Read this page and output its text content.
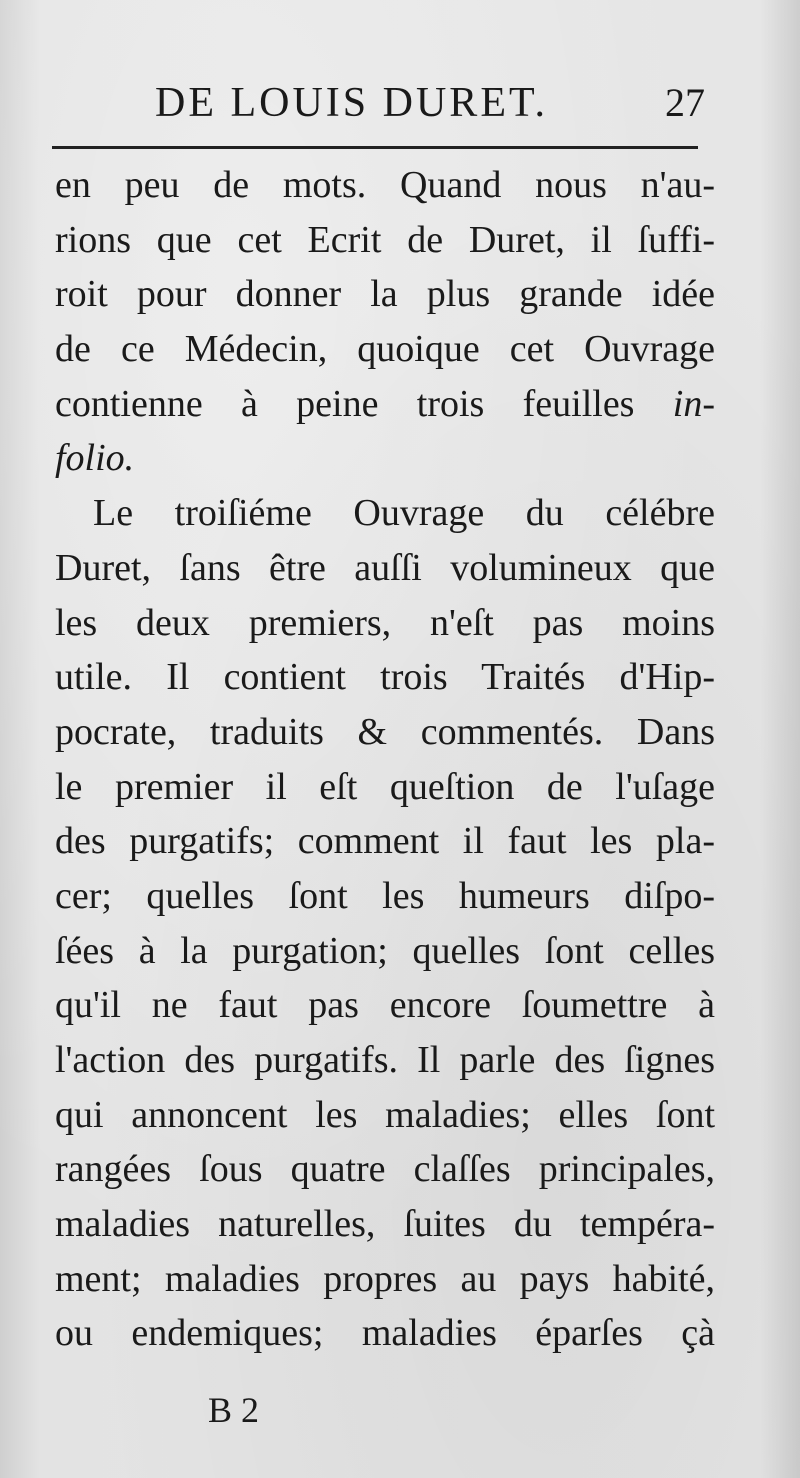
DE LOUIS DURET.	27
en peu de mots. Quand nous n'au-
rions que cet Ecrit de Duret, il ſuffi-
roit pour donner la plus grande idée
de ce Médecin, quoique cet Ouvrage
contienne à peine trois feuilles in-
folio.
Le troiſiéme Ouvrage du célébre
Duret, ſans être auſſi volumineux que
les deux premiers, n'eſt pas moins
utile. Il contient trois Traités d'Hip-
pocrate, traduits & commentés. Dans
le premier il eſt queſtion de l'uſage
des purgatifs; comment il faut les pla-
cer; quelles ſont les humeurs diſpo-
ſées à la purgation; quelles ſont celles
qu'il ne faut pas encore ſoumettre à
l'action des purgatifs. Il parle des ſignes
qui annoncent les maladies; elles ſont
rangées ſous quatre claſſes principales,
maladies naturelles, ſuites du tempéra-
ment; maladies propres au pays habité,
ou endemiques; maladies éparſes çà
B 2
